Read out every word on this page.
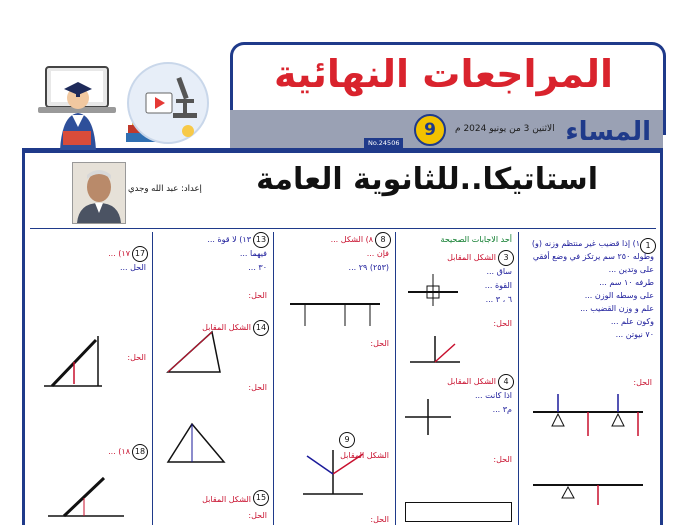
المراجعات النهائية
المساء
9	الاثنين 3 من يونيو 2024 م
No.24506
استاتيكا..للثانوية العامة
إعداد: عبد الله وجدي
1
١) إذا قضيب غير منتظم وزنه (و)
وطوله ٢٥٠ سم يرتكز في وضع أفقي
على وتدين ...
طرفه ١٠ سم ...
على وسطه الوزن ...
علم و وزن القضيب ...
وكون علم ...
٧٠ نيوتن ...
الحل:
أحد الاجابات الصحيحة
3
الشكل المقابل
ساق ...
القوة ...
٦ ، ٣ ...
الحل:
4
الشكل المقابل
اذا كانت ...
م٣ ...
الحل:
8
٨) الشكل ...
فإن ...
(٢٥٣) ٢٩ ...
الحل:
9
الشكل المقابل
الحل:
13
١٣) لا قوة ...
فيهما ...
٣٠ ...
الحل:
14
الشكل المقابل
الحل:
15
الشكل المقابل
الحل:
17
١٧) ...
الحل ...
الحل:
18
١٨) ...
